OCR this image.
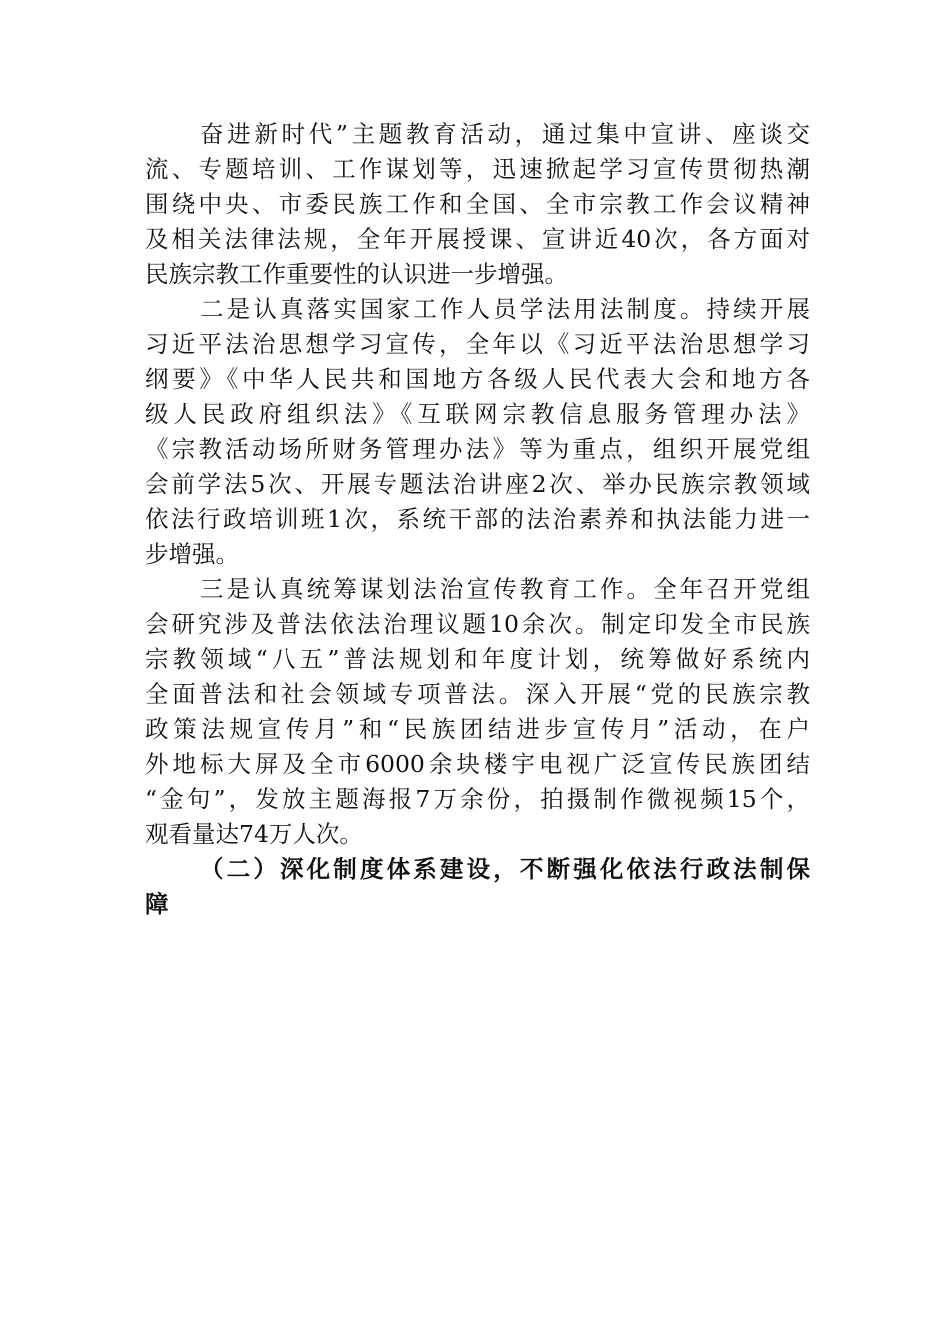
奋进新时代”主题教育活动，通过集中宣讲、座谈交
流、专题培训、工作谋划等，迅速掀起学习宣传贯彻热潮
围绕中央、市委民族工作和全国、全市宗教工作会议精神
及相关法律法规，全年开展授课、宣讲近40次，各方面对
民族宗教工作重要性的认识进一步增强。
二是认真落实国家工作人员学法用法制度。持续开展
习近平法治思想学习宣传，全年以《习近平法治思想学习
纲要》《中华人民共和国地方各级人民代表大会和地方各
级人民政府组织法》《互联网宗教信息服务管理办法》
《宗教活动场所财务管理办法》等为重点，组织开展党组
会前学法5次、开展专题法治讲座2次、举办民族宗教领域
依法行政培训班1次，系统干部的法治素养和执法能力进一
步增强。
三是认真统筹谋划法治宣传教育工作。全年召开党组
会研究涉及普法依法治理议题10余次。制定印发全市民族
宗教领域“八五”普法规划和年度计划，统筹做好系统内
全面普法和社会领域专项普法。深入开展“党的民族宗教
政策法规宣传月”和“民族团结进步宣传月”活动，在户
外地标大屏及全市6000余块楼宇电视广泛宣传民族团结
“金句”，发放主题海报7万余份，拍摄制作微视频15个，
观看量达74万人次。
（二）深化制度体系建设，不断强化依法行政法制保
障
